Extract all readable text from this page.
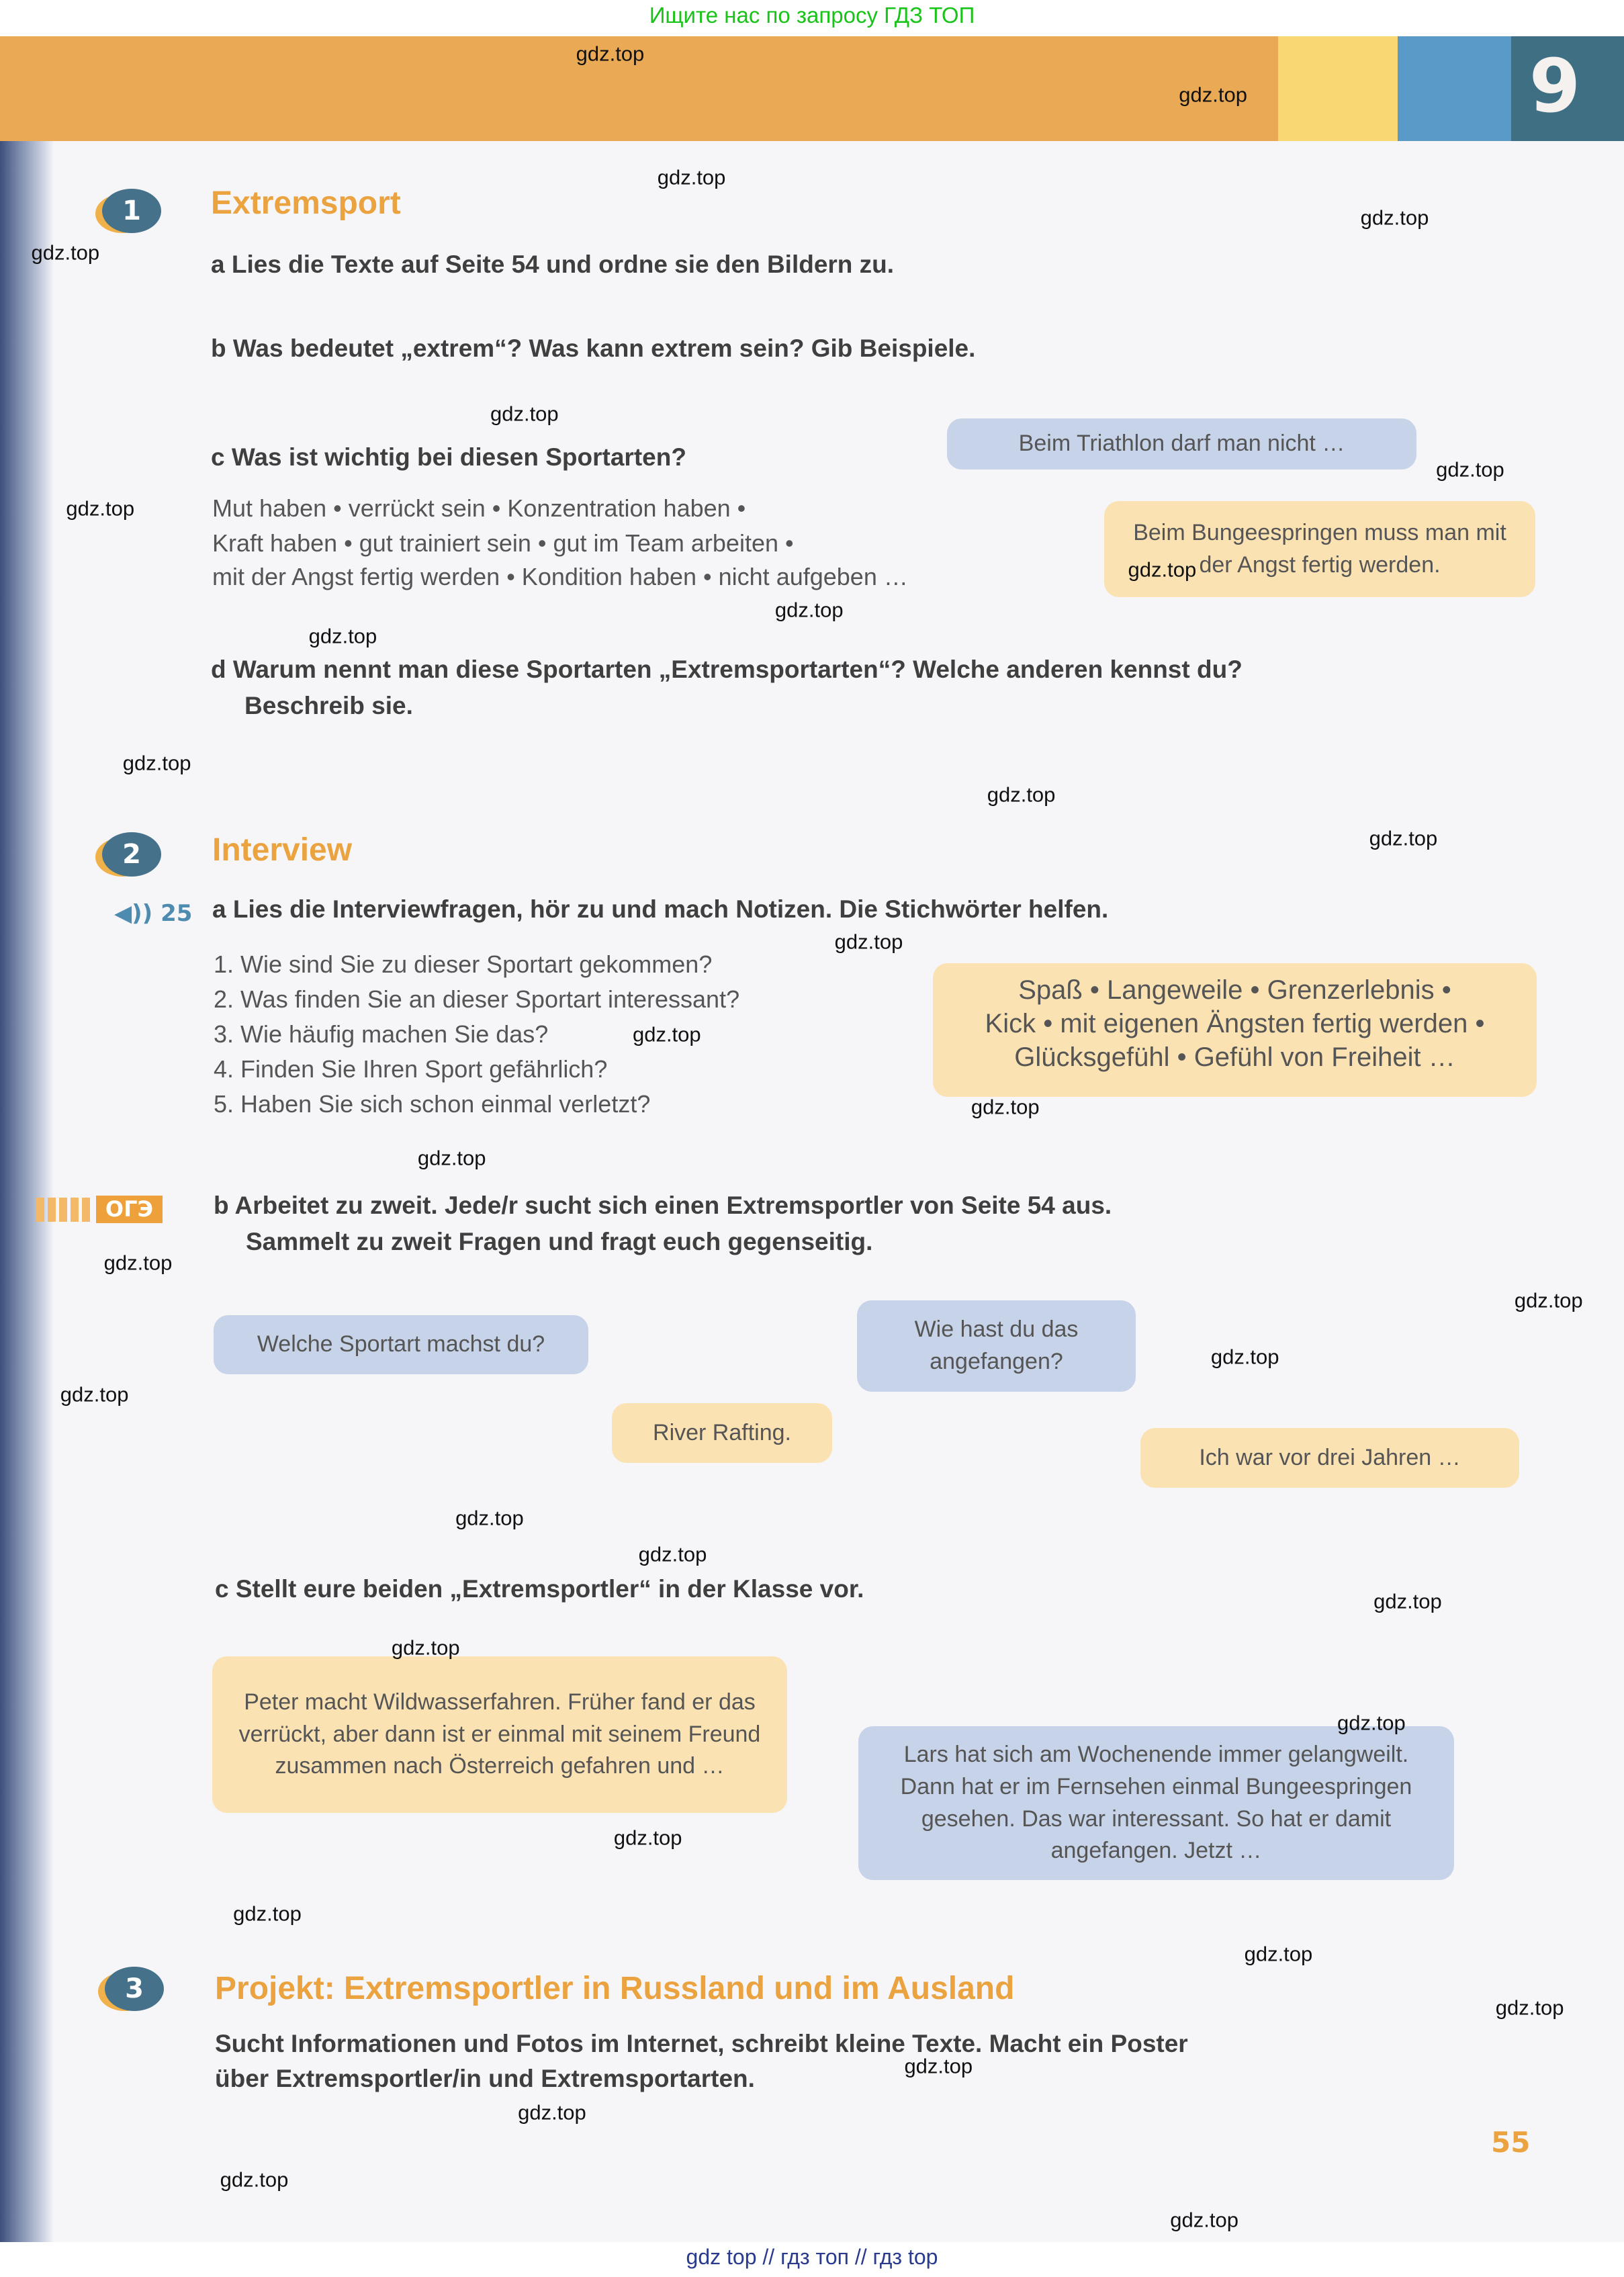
Ищите нас по запросу ГДЗ ТОП
9
1	Extremsport
a Lies die Texte auf Seite 54 und ordne sie den Bildern zu.
b Was bedeutet „extrem“? Was kann extrem sein? Gib Beispiele.
c Was ist wichtig bei diesen Sportarten?
Mut haben • verrückt sein • Konzentration haben •
Kraft haben • gut trainiert sein • gut im Team arbeiten •
mit der Angst fertig werden • Kondition haben • nicht aufgeben …
Beim Triathlon darf man nicht …
Beim Bungeespringen muss man mit der Angst fertig werden.
d Warum nennt man diese Sportarten „Extremsportarten“? Welche anderen kennst du?
Beschreib sie.
2	Interview
◀︎)) 25 a Lies die Interviewfragen, hör zu und mach Notizen. Die Stichwörter helfen.
1. Wie sind Sie zu dieser Sportart gekommen?
2. Was finden Sie an dieser Sportart interessant?
3. Wie häufig machen Sie das?
4. Finden Sie Ihren Sport gefährlich?
5. Haben Sie sich schon einmal verletzt?
Spaß • Langeweile • Grenzerlebnis •
Kick • mit eigenen Ängsten fertig werden •
Glücksgefühl • Gefühl von Freiheit …
ОГЭ	b Arbeitet zu zweit. Jede/r sucht sich einen Extremsportler von Seite 54 aus.
Sammelt zu zweit Fragen und fragt euch gegenseitig.
Welche Sportart machst du?
Wie hast du das angefangen?
River Rafting.
Ich war vor drei Jahren …
c Stellt eure beiden „Extremsportler“ in der Klasse vor.
Peter macht Wildwasserfahren. Früher fand er das verrückt, aber dann ist er einmal mit seinem Freund zusammen nach Österreich gefahren und …	Lars hat sich am Wochenende immer gelangweilt. Dann hat er im Fernsehen einmal Bungeespringen gesehen. Das war interessant. So hat er damit angefangen. Jetzt …
3	Projekt: Extremsportler in Russland und im Ausland
Sucht Informationen und Fotos im Internet, schreibt kleine Texte. Macht ein Poster
über Extremsportler/in und Extremsportarten.
55
gdz top // гдз топ // гдз top
gdz.top
gdz.top
gdz.top
gdz.top
gdz.top
gdz.top
gdz.top
gdz.top
gdz.top
gdz.top
gdz.top
gdz.top
gdz.top
gdz.top
gdz.top
gdz.top
gdz.top
gdz.top
gdz.top
gdz.top
gdz.top
gdz.top
gdz.top
gdz.top
gdz.top
gdz.top
gdz.top
gdz.top
gdz.top
gdz.top
gdz.top
gdz.top
gdz.top
gdz.top
gdz.top
